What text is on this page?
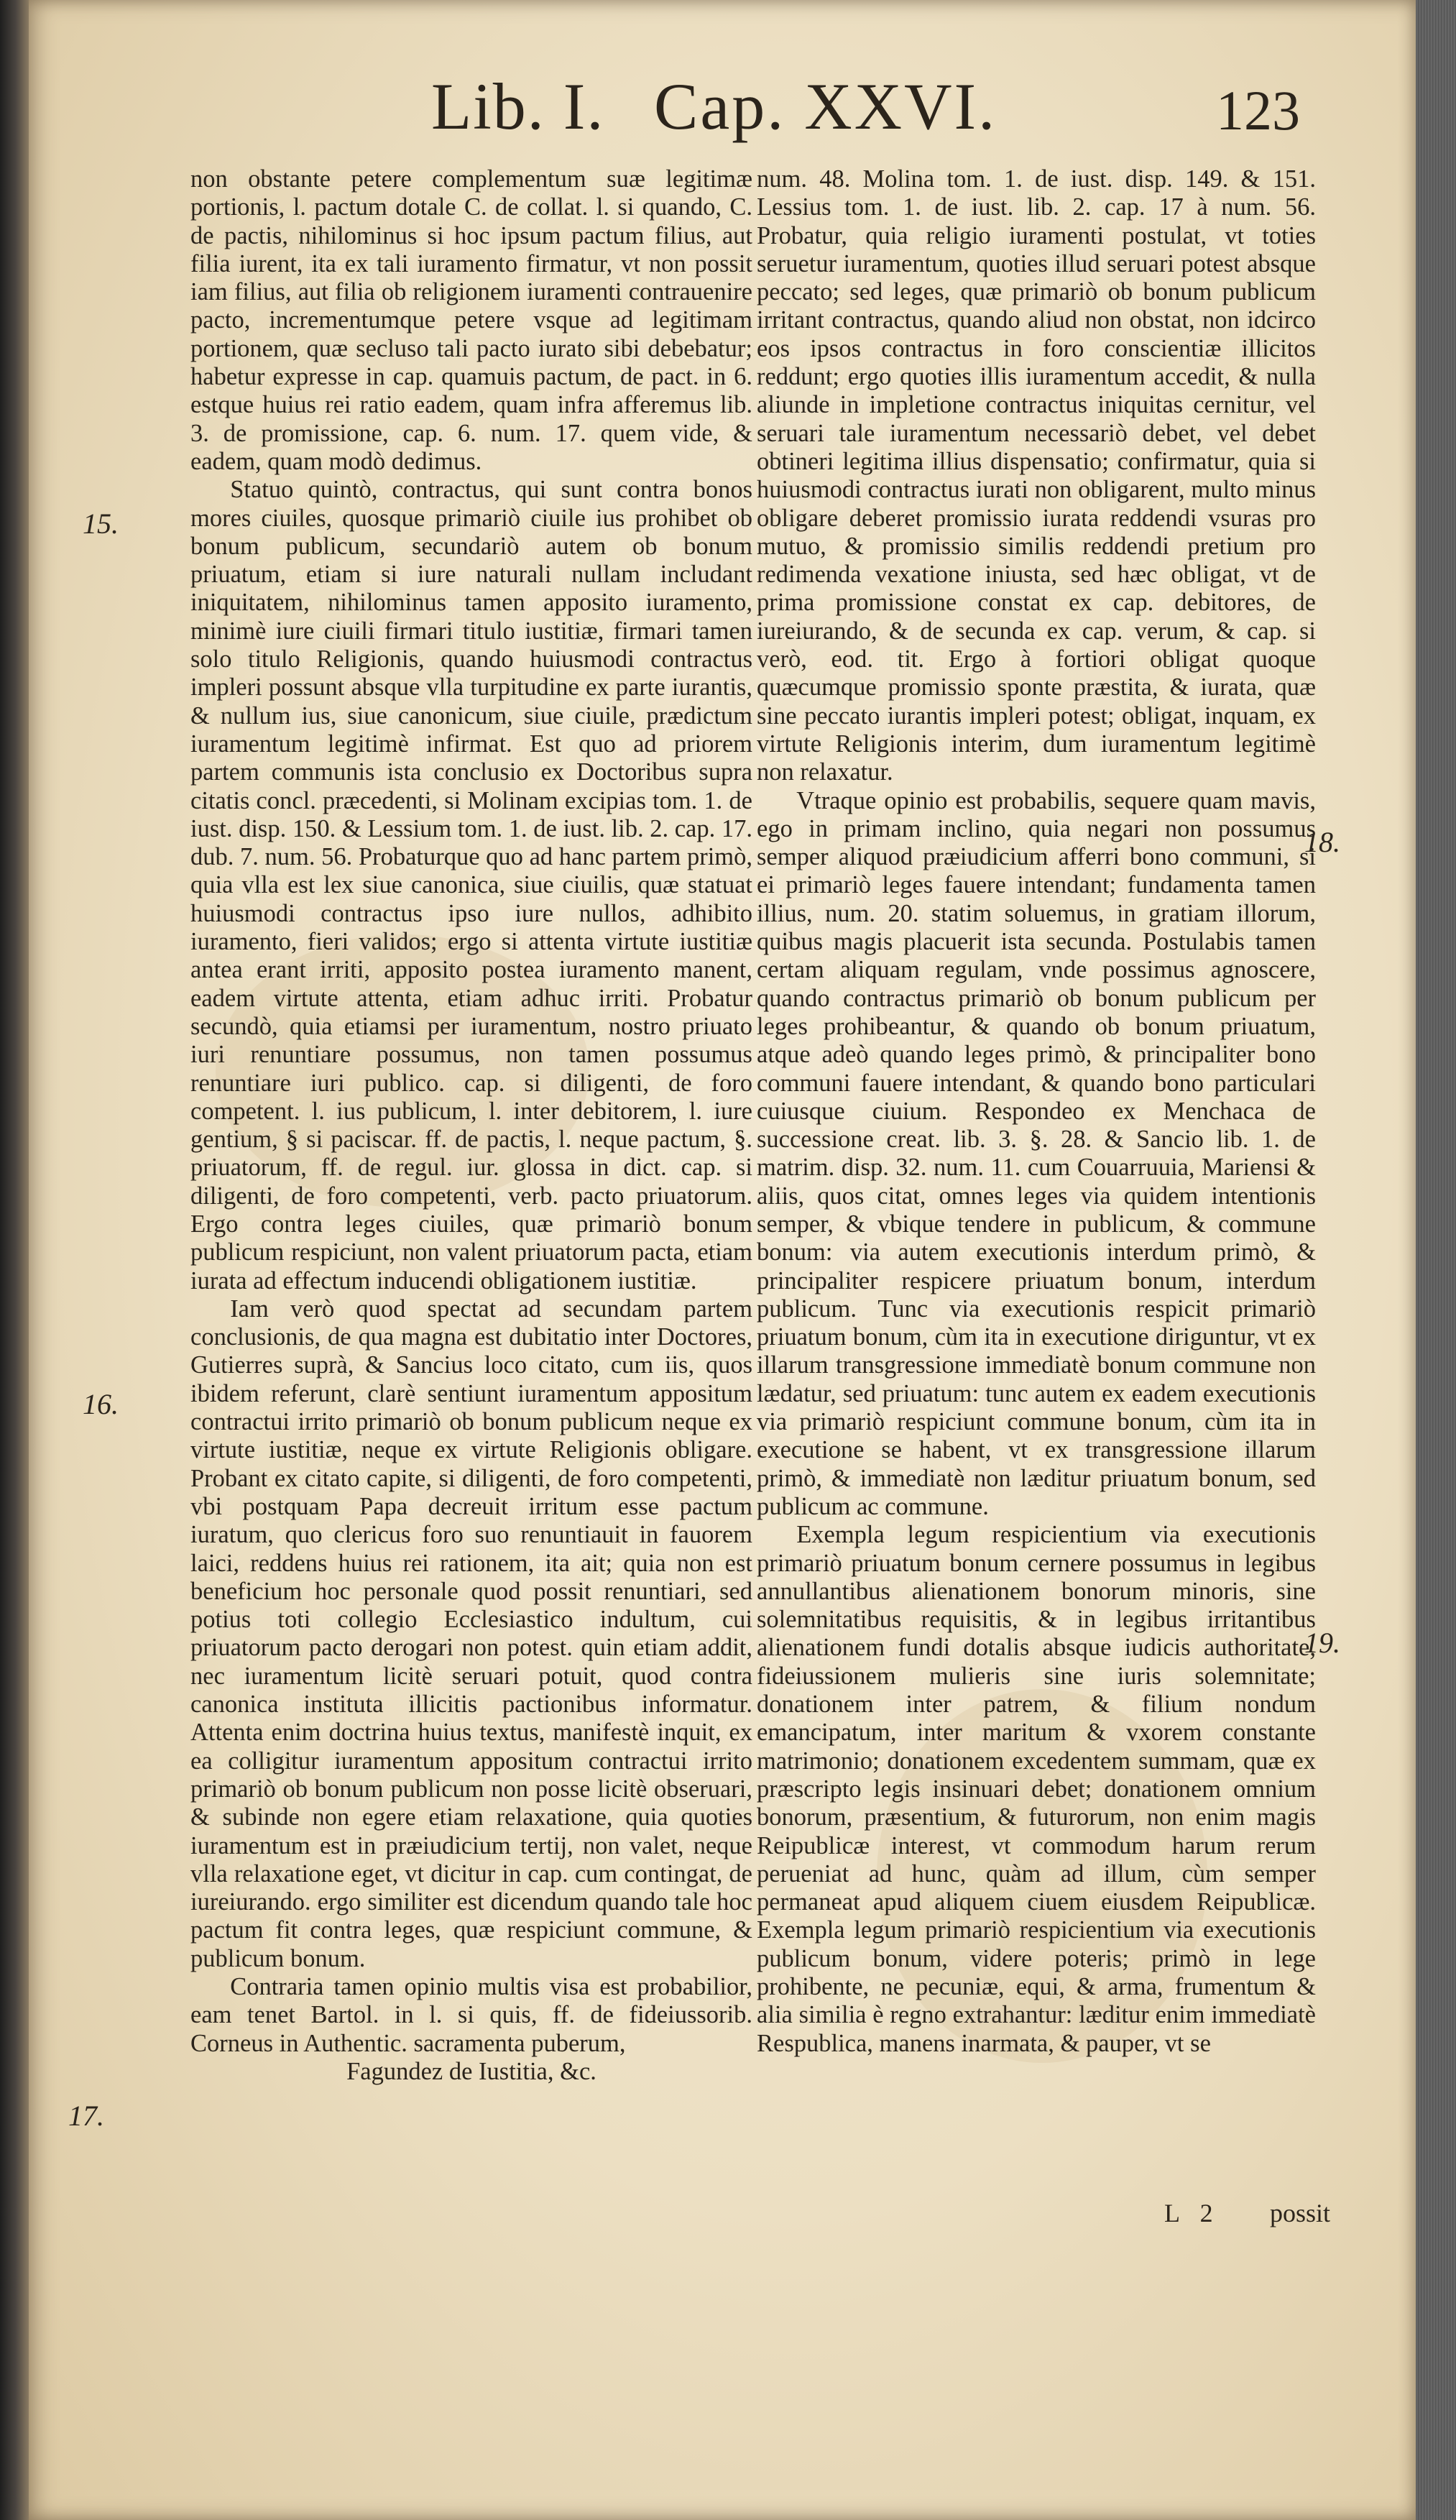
Lib. I. Cap. XXVI.	123
15.
16.
17.
18.
19.

non obstante petere complementum suæ legitimæ portionis, l. pactum dotale C. de collat. l. si quando, C. de pactis, nihilominus si hoc ipsum pactum filius, aut filia iurent, ita ex tali iuramento firmatur, vt non possit iam filius, aut filia ob religionem iuramenti contrauenire pacto, incrementumque petere vsque ad legitimam portionem, quæ secluso tali pacto iurato sibi debebatur; habetur expresse in cap. quamuis pactum, de pact. in 6. estque huius rei ratio eadem, quam infra afferemus lib. 3. de promissione, cap. 6. num. 17. quem vide, & eadem, quam modò dedimus.

Statuo quintò, contractus, qui sunt contra bonos mores ciuiles, quosque primariò ciuile ius prohibet ob bonum publicum, secundariò autem ob bonum priuatum, etiam si iure naturali nullam includant iniquitatem, nihilominus tamen apposito iuramento, minimè iure ciuili firmari titulo iustitiæ, firmari tamen solo titulo Religionis, quando huiusmodi contractus impleri possunt absque vlla turpitudine ex parte iurantis, & nullum ius, siue canonicum, siue ciuile, prædictum iuramentum legitimè infirmat. Est quo ad priorem partem communis ista conclusio ex Doctoribus supra citatis concl. præcedenti, si Molinam excipias tom. 1. de iust. disp. 150. & Lessium tom. 1. de iust. lib. 2. cap. 17. dub. 7. num. 56. Probaturque quo ad hanc partem primò, quia vlla est lex siue canonica, siue ciuilis, quæ statuat huiusmodi contractus ipso iure nullos, adhibito iuramento, fieri validos; ergo si attenta virtute iustitiæ antea erant irriti, apposito postea iuramento manent, eadem virtute attenta, etiam adhuc irriti. Probatur secundò, quia etiamsi per iuramentum, nostro priuato iuri renuntiare possumus, non tamen possumus renuntiare iuri publico. cap. si diligenti, de foro competent. l. ius publicum, l. inter debitorem, l. iure gentium, § si paciscar. ff. de pactis, l. neque pactum, §. priuatorum, ff. de regul. iur. glossa in dict. cap. si diligenti, de foro competenti, verb. pacto priuatorum. Ergo contra leges ciuiles, quæ primariò bonum publicum respiciunt, non valent priuatorum pacta, etiam iurata ad effectum inducendi obligationem iustitiæ.

Iam verò quod spectat ad secundam partem conclusionis, de qua magna est dubitatio inter Doctores, Gutierres suprà, & Sancius loco citato, cum iis, quos ibidem referunt, clarè sentiunt iuramentum appositum contractui irrito primariò ob bonum publicum neque ex virtute iustitiæ, neque ex virtute Religionis obligare. Probant ex citato capite, si diligenti, de foro competenti, vbi postquam Papa decreuit irritum esse pactum iuratum, quo clericus foro suo renuntiauit in fauorem laici, reddens huius rei rationem, ita ait; quia non est beneficium hoc personale quod possit renuntiari, sed potius toti collegio Ecclesiastico indultum, cui priuatorum pacto derogari non potest. quin etiam addit, nec iuramentum licitè seruari potuit, quod contra canonica instituta illicitis pactionibus informatur. Attenta enim doctrina huius textus, manifestè inquit, ex ea colligitur iuramentum appositum contractui irrito primariò ob bonum publicum non posse licitè obseruari, & subinde non egere etiam relaxatione, quia quoties iuramentum est in præiudicium tertij, non valet, neque vlla relaxatione eget, vt dicitur in cap. cum contingat, de iureiurando. ergo similiter est dicendum quando tale hoc pactum fit contra leges, quæ respiciunt commune, & publicum bonum.

Contraria tamen opinio multis visa est probabilior, eam tenet Bartol. in l. si quis, ff. de fideiussorib. Corneus in Authentic. sacramenta puberum,

Fagundez de Iustitia, &c.

num. 48. Molina tom. 1. de iust. disp. 149. & 151. Lessius tom. 1. de iust. lib. 2. cap. 17 à num. 56. Probatur, quia religio iuramenti postulat, vt toties seruetur iuramentum, quoties illud seruari potest absque peccato; sed leges, quæ primariò ob bonum publicum irritant contractus, quando aliud non obstat, non idcirco eos ipsos contractus in foro conscientiæ illicitos reddunt; ergo quoties illis iuramentum accedit, & nulla aliunde in impletione contractus iniquitas cernitur, vel seruari tale iuramentum necessariò debet, vel debet obtineri legitima illius dispensatio; confirmatur, quia si huiusmodi contractus iurati non obligarent, multo minus obligare deberet promissio iurata reddendi vsuras pro mutuo, & promissio similis reddendi pretium pro redimenda vexatione iniusta, sed hæc obligat, vt de prima promissione constat ex cap. debitores, de iureiurando, & de secunda ex cap. verum, & cap. si verò, eod. tit. Ergo à fortiori obligat quoque quæcumque promissio sponte præstita, & iurata, quæ sine peccato iurantis impleri potest; obligat, inquam, ex virtute Religionis interim, dum iuramentum legitimè non relaxatur.

Vtraque opinio est probabilis, sequere quam mavis, ego in primam inclino, quia negari non possumus semper aliquod præiudicium afferri bono communi, si ei primariò leges fauere intendant; fundamenta tamen illius, num. 20. statim soluemus, in gratiam illorum, quibus magis placuerit ista secunda. Postulabis tamen certam aliquam regulam, vnde possimus agnoscere, quando contractus primariò ob bonum publicum per leges prohibeantur, & quando ob bonum priuatum, atque adeò quando leges primò, & principaliter bono communi fauere intendant, & quando bono particulari cuiusque ciuium. Respondeo ex Menchaca de successione creat. lib. 3. §. 28. & Sancio lib. 1. de matrim. disp. 32. num. 11. cum Couarruuia, Mariensi & aliis, quos citat, omnes leges via quidem intentionis semper, & vbique tendere in publicum, & commune bonum: via autem executionis interdum primò, & principaliter respicere priuatum bonum, interdum publicum. Tunc via executionis respicit primariò priuatum bonum, cùm ita in executione diriguntur, vt ex illarum transgressione immediatè bonum commune non lædatur, sed priuatum: tunc autem ex eadem executionis via primariò respiciunt commune bonum, cùm ita in executione se habent, vt ex transgressione illarum primò, & immediatè non læditur priuatum bonum, sed publicum ac commune.

Exempla legum respicientium via executionis primariò priuatum bonum cernere possumus in legibus annullantibus alienationem bonorum minoris, sine solemnitatibus requisitis, & in legibus irritantibus alienationem fundi dotalis absque iudicis authoritate, fideiussionem mulieris sine iuris solemnitate; donationem inter patrem, & filium nondum emancipatum, inter maritum & vxorem constante matrimonio; donationem excedentem summam, quæ ex præscripto legis insinuari debet; donationem omnium bonorum, præsentium, & futurorum, non enim magis Reipublicæ interest, vt commodum harum rerum perueniat ad hunc, quàm ad illum, cùm semper permaneat apud aliquem ciuem eiusdem Reipublicæ. Exempla legum primariò respicientium via executionis publicum bonum, videre poteris; primò in lege prohibente, ne pecuniæ, equi, & arma, frumentum & alia similia è regno extrahantur: læditur enim immediatè Respublica, manens inarmata, & pauper, vt se

L 2 possit
